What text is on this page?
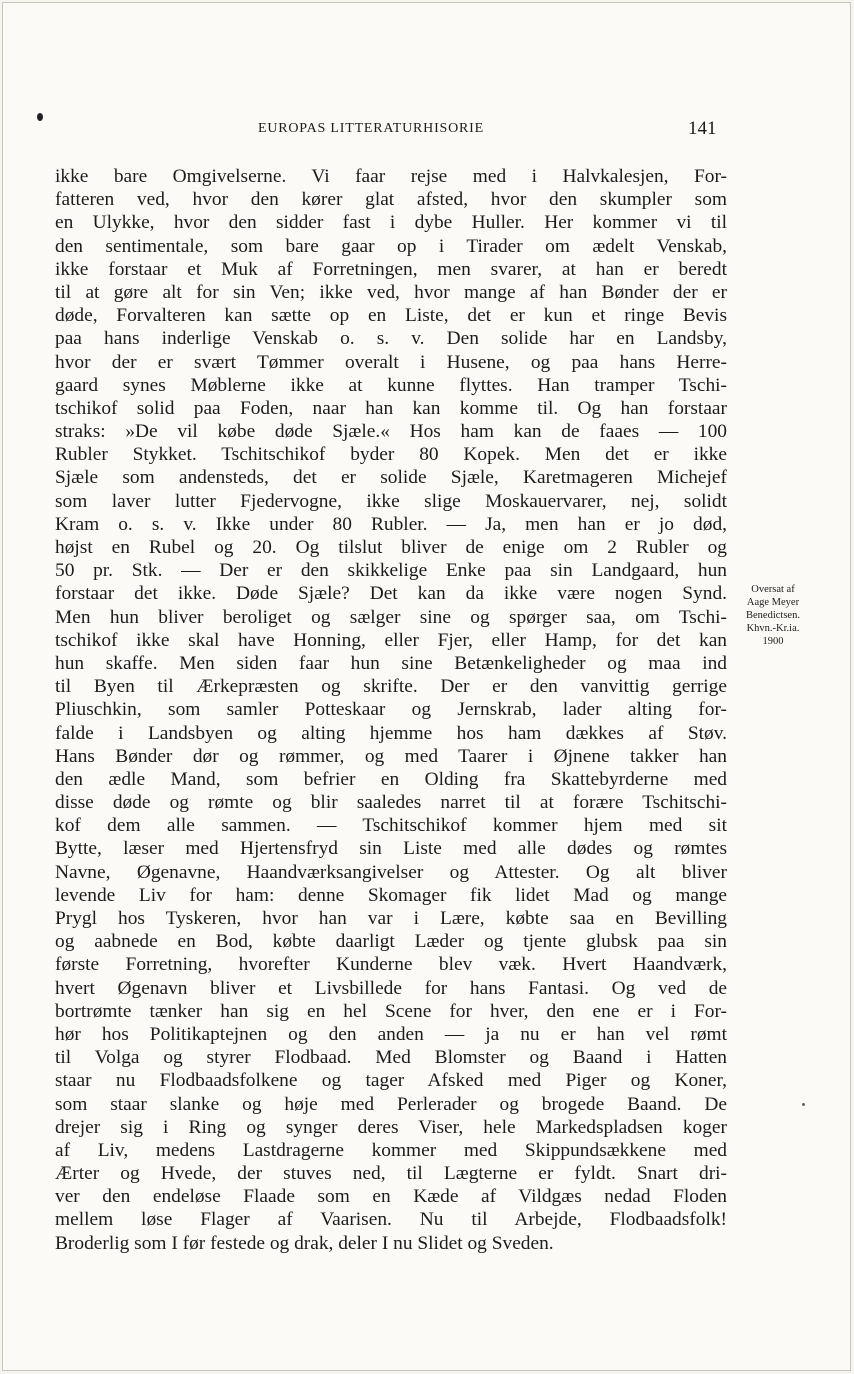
EUROPAS LITTERATURHISORIE	141
ikke bare Omgivelserne. Vi faar rejse med i Halvkalesjen, For-
fatteren ved, hvor den kører glat afsted, hvor den skumpler som
en Ulykke, hvor den sidder fast i dybe Huller. Her kommer vi til
den sentimentale, som bare gaar op i Tirader om ædelt Venskab,
ikke forstaar et Muk af Forretningen, men svarer, at han er beredt
til at gøre alt for sin Ven; ikke ved, hvor mange af han Bønder der er
døde, Forvalteren kan sætte op en Liste, det er kun et ringe Bevis
paa hans inderlige Venskab o. s. v. Den solide har en Landsby,
hvor der er svært Tømmer overalt i Husene, og paa hans Herre-
gaard synes Møblerne ikke at kunne flyttes. Han tramper Tschi-
tschikof solid paa Foden, naar han kan komme til. Og han forstaar
straks: »De vil købe døde Sjæle.« Hos ham kan de faaes — 100
Rubler Stykket. Tschitschikof byder 80 Kopek. Men det er ikke
Sjæle som andensteds, det er solide Sjæle, Karetmageren Michejef
som laver lutter Fjedervogne, ikke slige Moskauervarer, nej, solidt
Kram o. s. v. Ikke under 80 Rubler. — Ja, men han er jo død,
højst en Rubel og 20. Og tilslut bliver de enige om 2 Rubler og
50 pr. Stk. — Der er den skikkelige Enke paa sin Landgaard, hun
forstaar det ikke. Døde Sjæle? Det kan da ikke være nogen Synd.
Men hun bliver beroliget og sælger sine og spørger saa, om Tschi-
tschikof ikke skal have Honning, eller Fjer, eller Hamp, for det kan
hun skaffe. Men siden faar hun sine Betænkeligheder og maa ind
til Byen til Ærkepræsten og skrifte. Der er den vanvittig gerrige
Pliuschkin, som samler Potteskaar og Jernskrab, lader alting for-
falde i Landsbyen og alting hjemme hos ham dækkes af Støv.
Hans Bønder dør og rømmer, og med Taarer i Øjnene takker han
den ædle Mand, som befrier en Olding fra Skattebyrderne med
disse døde og rømte og blir saaledes narret til at forære Tschitschi-
kof dem alle sammen. — Tschitschikof kommer hjem med sit
Bytte, læser med Hjertensfryd sin Liste med alle dødes og rømtes
Navne, Øgenavne, Haandværksangivelser og Attester. Og alt bliver
levende Liv for ham: denne Skomager fik lidet Mad og mange
Prygl hos Tyskeren, hvor han var i Lære, købte saa en Bevilling
og aabnede en Bod, købte daarligt Læder og tjente glubsk paa sin
første Forretning, hvorefter Kunderne blev væk. Hvert Haandværk,
hvert Øgenavn bliver et Livsbillede for hans Fantasi. Og ved de
bortrømte tænker han sig en hel Scene for hver, den ene er i For-
hør hos Politikaptejnen og den anden — ja nu er han vel rømt
til Volga og styrer Flodbaad. Med Blomster og Baand i Hatten
staar nu Flodbaadsfolkene og tager Afsked med Piger og Koner,
som staar slanke og høje med Perlerader og brogede Baand. De
drejer sig i Ring og synger deres Viser, hele Markedspladsen koger
af Liv, medens Lastdragerne kommer med Skippundsækkene med
Ærter og Hvede, der stuves ned, til Lægterne er fyldt. Snart dri-
ver den endeløse Flaade som en Kæde af Vildgæs nedad Floden
mellem løse Flager af Vaarisen. Nu til Arbejde, Flodbaadsfolk!
Broderlig som I før festede og drak, deler I nu Slidet og Sveden.
Oversat af
Aage Meyer
Benedictsen.
Khvn.-Kr.ia.
1900
